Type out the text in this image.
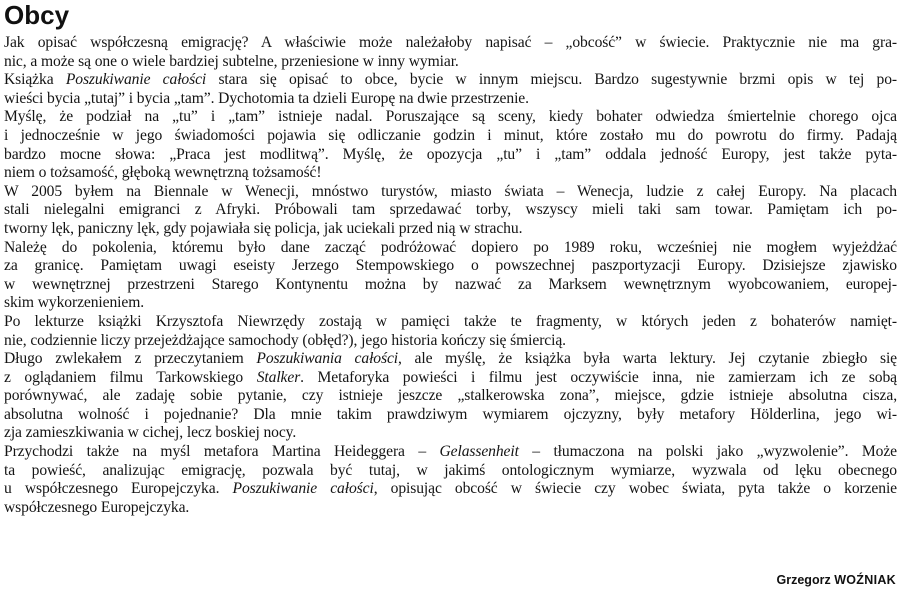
Obcy

Jak opisać współczesną emigrację? A właściwie może należałoby napisać – „obcość” w świecie. Praktycznie nie ma gra-
nic, a może są one o wiele bardziej subtelne, przeniesione w inny wymiar.

Książka Poszukiwanie całości stara się opisać to obce, bycie w innym miejscu. Bardzo sugestywnie brzmi opis w tej po-
wieści bycia „tutaj” i bycia „tam”. Dychotomia ta dzieli Europę na dwie przestrzenie.

Myślę, że podział na „tu” i „tam” istnieje nadal. Poruszające są sceny, kiedy bohater odwiedza śmiertelnie chorego ojca
i jednocześnie w jego świadomości pojawia się odliczanie godzin i minut, które zostało mu do powrotu do firmy. Padają
bardzo mocne słowa: „Praca jest modlitwą”. Myślę, że opozycja „tu” i „tam” oddala jedność Europy, jest także pyta-
niem o tożsamość, głęboką wewnętrzną tożsamość!

W 2005 byłem na Biennale w Wenecji, mnóstwo turystów, miasto świata – Wenecja, ludzie z całej Europy. Na placach
stali nielegalni emigranci z Afryki. Próbowali tam sprzedawać torby, wszyscy mieli taki sam towar. Pamiętam ich po-
tworny lęk, paniczny lęk, gdy pojawiała się policja, jak uciekali przed nią w strachu.

Należę do pokolenia, któremu było dane zacząć podróżować dopiero po 1989 roku, wcześniej nie mogłem wyjeżdżać
za granicę. Pamiętam uwagi eseisty Jerzego Stempowskiego o powszechnej paszportyzacji Europy. Dzisiejsze zjawisko
w wewnętrznej przestrzeni Starego Kontynentu można by nazwać za Marksem wewnętrznym wyobcowaniem, europej-
skim wykorzenieniem.

Po lekturze książki Krzysztofa Niewrzędy zostają w pamięci także te fragmenty, w których jeden z bohaterów namięt-
nie, codziennie liczy przejeżdżające samochody (obłęd?), jego historia kończy się śmiercią.

Długo zwlekałem z przeczytaniem Poszukiwania całości, ale myślę, że książka była warta lektury. Jej czytanie zbiegło się
z oglądaniem filmu Tarkowskiego Stalker. Metaforyka powieści i filmu jest oczywiście inna, nie zamierzam ich ze sobą
porównywać, ale zadaję sobie pytanie, czy istnieje jeszcze „stalkerowska zona”, miejsce, gdzie istnieje absolutna cisza,
absolutna wolność i pojednanie? Dla mnie takim prawdziwym wymiarem ojczyzny, były metafory Hölderlina, jego wi-
zja zamieszkiwania w cichej, lecz boskiej nocy.

Przychodzi także na myśl metafora Martina Heideggera – Gelassenheit – tłumaczona na polski jako „wyzwolenie”. Może
ta powieść, analizując emigrację, pozwala być tutaj, w jakimś ontologicznym wymiarze, wyzwala od lęku obecnego
u współczesnego Europejczyka. Poszukiwanie całości, opisując obcość w świecie czy wobec świata, pyta także o korzenie
współczesnego Europejczyka.

Grzegorz WOŹNIAK
